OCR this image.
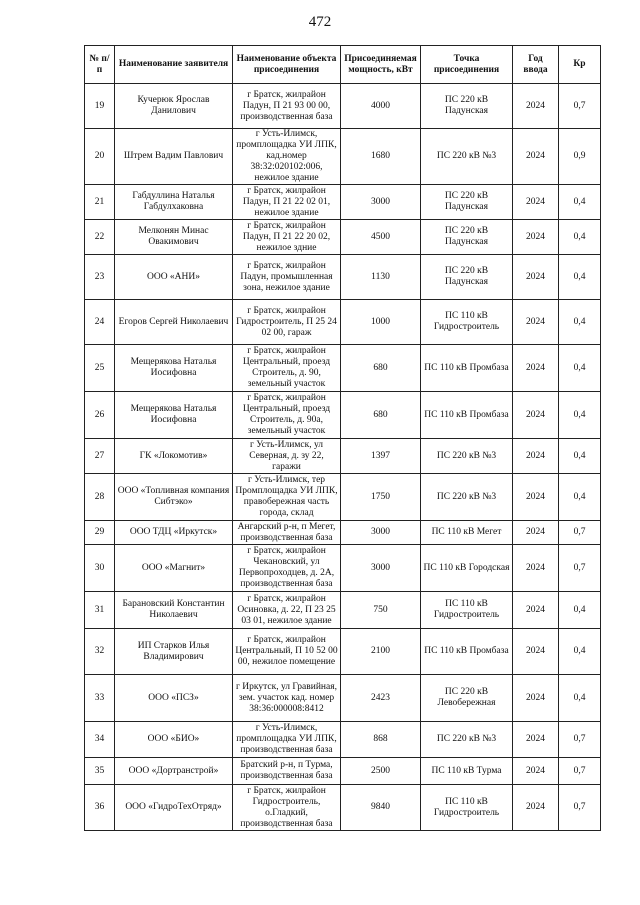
472
№ п/п	Наименование заявителя	Наименование объекта присоединения	Присоединяемая мощность, кВт	Точка присоединения	Год ввода	Кр
19	Кучерюк Ярослав Данилович	г Братск, жилрайон Падун, П 21 93 00 00, производственная база	4000	ПС 220 кВ Падунская	2024	0,7
20	Штрем Вадим Павлович	г Усть-Илимск, промплощадка УИ ЛПК, кад.номер 38:32:020102:006, нежилое здание	1680	ПС 220 кВ №3	2024	0,9
21	Габдуллина Наталья Габдулхаковна	г Братск, жилрайон Падун, П 21 22 02 01, нежилое здание	3000	ПС 220 кВ Падунская	2024	0,4
22	Мелконян Минас Овакимович	г Братск, жилрайон Падун, П 21 22 20 02, нежилое здние	4500	ПС 220 кВ Падунская	2024	0,4
23	ООО «АНИ»	г Братск, жилрайон Падун, промышленная зона, нежилое здание	1130	ПС 220 кВ Падунская	2024	0,4
24	Егоров Сергей Николаевич	г Братск, жилрайон Гидростроитель, П 25 24 02 00, гараж	1000	ПС 110 кВ Гидростроитель	2024	0,4
25	Мещерякова Наталья Иосифовна	г Братск, жилрайон Центральный, проезд Строитель, д. 90, земельный участок	680	ПС 110 кВ Промбаза	2024	0,4
26	Мещерякова Наталья Иосифовна	г Братск, жилрайон Центральный, проезд Строитель, д. 90а, земельный участок	680	ПС 110 кВ Промбаза	2024	0,4
27	ГК «Локомотив»	г Усть-Илимск, ул Северная, д. зу 22, гаражи	1397	ПС 220 кВ №3	2024	0,4
28	ООО «Топливная компания Сибтэко»	г Усть-Илимск, тер Промплощадка УИ ЛПК, правобережная часть города, склад	1750	ПС 220 кВ №3	2024	0,4
29	ООО ТДЦ «Иркутск»	Ангарский р-н, п Мегет, производственная база	3000	ПС 110 кВ Мегет	2024	0,7
30	ООО «Магнит»	г Братск, жилрайон Чекановский, ул Первопроходцев, д. 2А, производственная база	3000	ПС 110 кВ Городская	2024	0,7
31	Барановский Константин Николаевич	г Братск, жилрайон Осиновка, д. 22, П 23 25 03 01, нежилое здание	750	ПС 110 кВ Гидростроитель	2024	0,4
32	ИП Старков Илья Владимирович	г Братск, жилрайон Центральный, П 10 52 00 00, нежилое помещение	2100	ПС 110 кВ Промбаза	2024	0,4
33	ООО «ПСЗ»	г Иркутск, ул Гравийная, зем. участок кад. номер 38:36:000008:8412	2423	ПС 220 кВ Левобережная	2024	0,4
34	ООО «БИО»	г Усть-Илимск, промплощадка УИ ЛПК, производственная база	868	ПС 220 кВ №3	2024	0,7
35	ООО «Дортранстрой»	Братский р-н, п Турма, производственная база	2500	ПС 110 кВ Турма	2024	0,7
36	ООО «ГидроТехОтряд»	г Братск, жилрайон Гидростроитель, о.Гладкий, производственная база	9840	ПС 110 кВ Гидростроитель	2024	0,7
